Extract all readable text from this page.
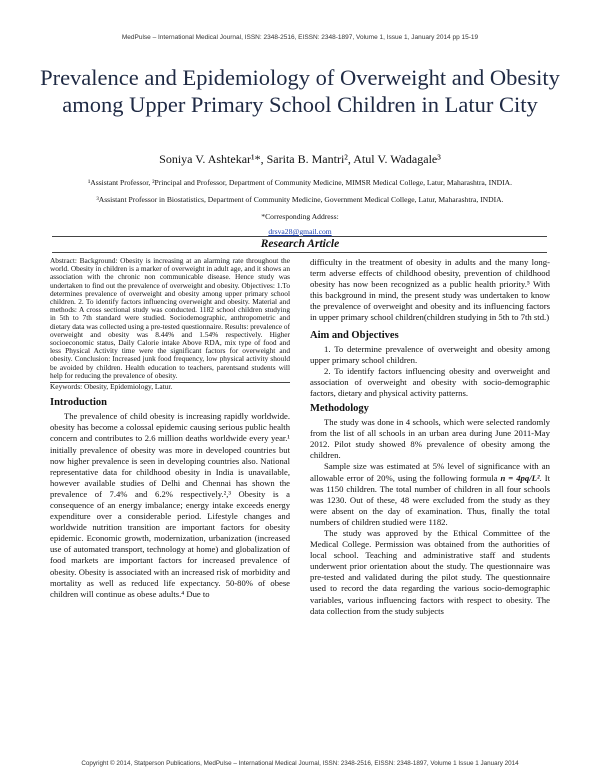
MedPulse – International Medical Journal, ISSN: 2348-2516, EISSN: 2348-1897, Volume 1, Issue 1, January 2014 pp 15-19
Prevalence and Epidemiology of Overweight and Obesity among Upper Primary School Children in Latur City
Soniya V. Ashtekar¹*, Sarita B. Mantri², Atul V. Wadagale³
¹Assistant Professor, ²Principal and Professor, Department of Community Medicine, MIMSR Medical College, Latur, Maharashtra, INDIA.
³Assistant Professor in Biostatistics, Department of Community Medicine, Government Medical College, Latur, Maharashtra, INDIA.
*Corresponding Address:
drsva28@gmail.com
Research Article

Abstract: Background: Obesity is increasing at an alarming rate throughout the world. Obesity in children is a marker of overweight in adult age, and it shows an association with the chronic non communicable disease. Hence study was undertaken to find out the prevalence of overweight and obesity. Objectives: 1.To determines prevalence of overweight and obesity among upper primary school children. 2. To identify factors influencing overweight and obesity. Material and methods: A cross sectional study was conducted. 1182 school children studying in 5th to 7th standard were studied. Sociodemographic, anthropometric and dietary data was collected using a pre-tested questionnaire. Results: prevalence of overweight and obesity was 8.44% and 1.54% respectively. Higher socioeconomic status, Daily Calorie intake Above RDA, mix type of food and less Physical Activity time were the significant factors for overweight and obesity. Conclusion: Increased junk food frequency, low physical activity should be avoided by children. Health education to teachers, parentsand students will help for reducing the prevalence of obesity.

Keywords: Obesity, Epidemiology, Latur.

Introduction

The prevalence of child obesity is increasing rapidly worldwide. obesity has become a colossal epidemic causing serious public health concern and contributes to 2.6 million deaths worldwide every year.¹ initially prevalence of obesity was more in developed countries but now higher prevalence is seen in developing countries also. National representative data for childhood obesity in India is unavailable, however available studies of Delhi and Chennai has shown the prevalence of 7.4% and 6.2% respectively.²,³ Obesity is a consequence of an energy imbalance; energy intake exceeds energy expenditure over a considerable period. Lifestyle changes and worldwide nutrition transition are important factors for obesity epidemic. Economic growth, modernization, urbanization (increased use of automated transport, technology at home) and globalization of food markets are important factors for increased prevalence of obesity. Obesity is associated with an increased risk of morbidity and mortality as well as reduced life expectancy. 50-80% of obese children will continue as obese adults.⁴ Due to

difficulty in the treatment of obesity in adults and the many long-term adverse effects of childhood obesity, prevention of childhood obesity has now been recognized as a public health priority.⁵ With this background in mind, the present study was undertaken to know the prevalence of overweight and obesity and its influencing factors in upper primary school children(children studying in 5th to 7th std.)

Aim and Objectives

1. To determine prevalence of overweight and obesity among upper primary school children.

2. To identify factors influencing obesity and overweight and association of overweight and obesity with socio-demographic factors, dietary and physical activity patterns.

Methodology

The study was done in 4 schools, which were selected randomly from the list of all schools in an urban area during June 2011-May 2012. Pilot study showed 8% prevalence of obesity among the children.

Sample size was estimated at 5% level of significance with an allowable error of 20%, using the following formula n = 4pq/L². It was 1150 children. The total number of children in all four schools was 1230. Out of these, 48 were excluded from the study as they were absent on the day of examination. Thus, finally the total numbers of children studied were 1182.

The study was approved by the Ethical Committee of the Medical College. Permission was obtained from the authorities of local school. Teaching and administrative staff and students underwent prior orientation about the study. The questionnaire was pre-tested and validated during the pilot study. The questionnaire used to record the data regarding the various socio-demographic variables, various influencing factors with respect to obesity. The data collection from the study subjects

Copyright © 2014, Statperson Publications, MedPulse – International Medical Journal, ISSN: 2348-2516, EISSN: 2348-1897, Volume 1 Issue 1 January 2014
